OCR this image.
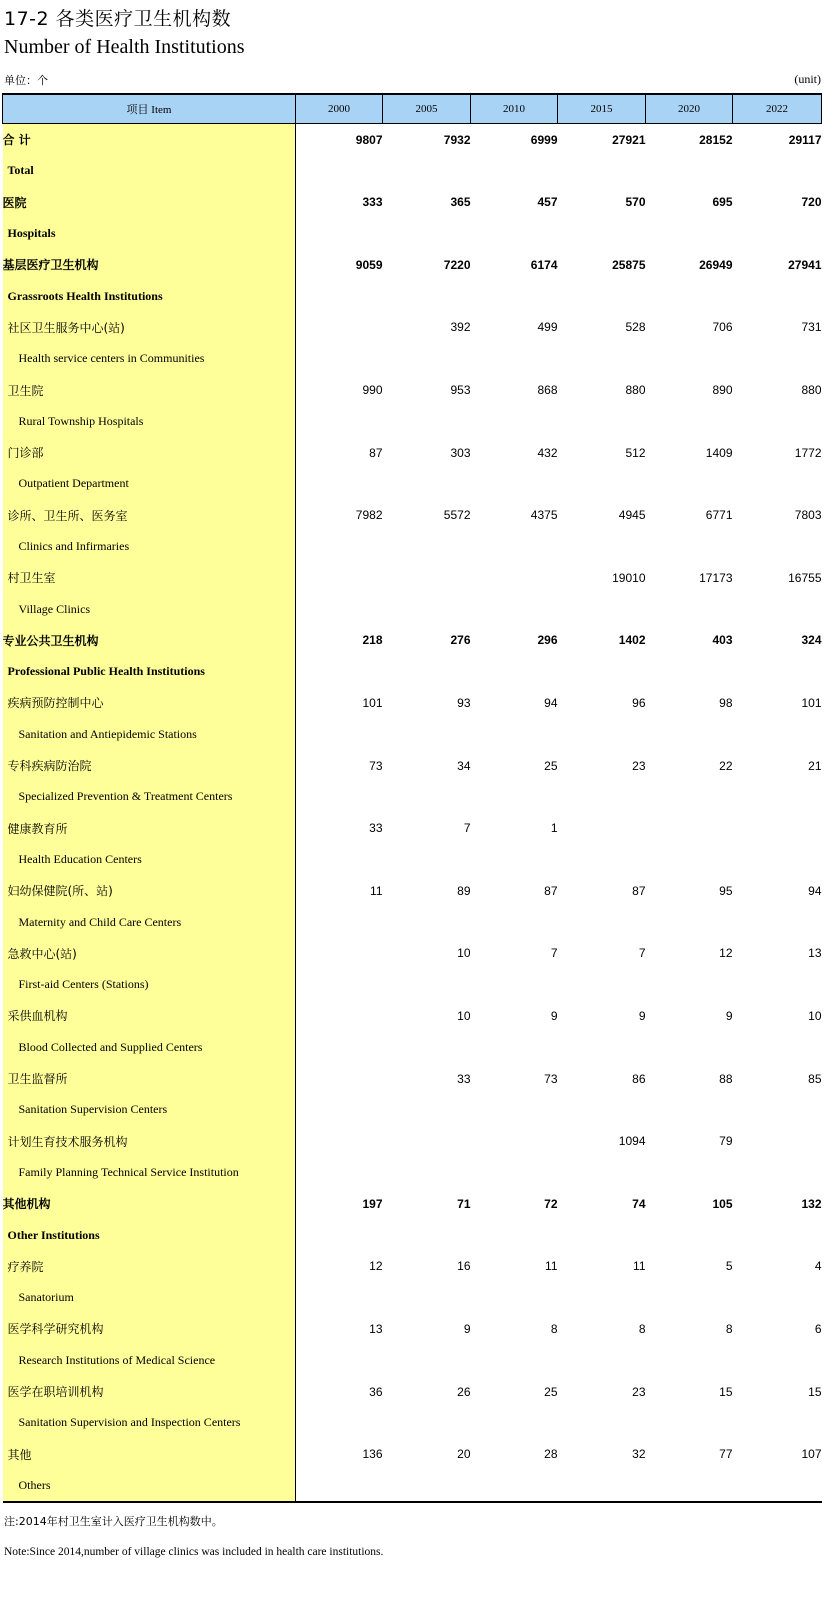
17-2 各类医疗卫生机构数
Number of Health Institutions
单位：个	(unit)
项目 Item	2000	2005	2010	2015	2020	2022
合 计	9807	7932	6999	27921	28152	29117
Total						
医院	333	365	457	570	695	720
Hospitals						
基层医疗卫生机构	9059	7220	6174	25875	26949	27941
Grassroots Health Institutions						
社区卫生服务中心(站)		392	499	528	706	731
Health service centers in Communities						
卫生院	990	953	868	880	890	880
Rural Township Hospitals						
门诊部	87	303	432	512	1409	1772
Outpatient Department						
诊所、卫生所、医务室	7982	5572	4375	4945	6771	7803
Clinics and Infirmaries						
村卫生室				19010	17173	16755
Village Clinics						
专业公共卫生机构	218	276	296	1402	403	324
Professional Public Health Institutions						
疾病预防控制中心	101	93	94	96	98	101
Sanitation and Antiepidemic Stations						
专科疾病防治院	73	34	25	23	22	21
Specialized Prevention & Treatment Centers						
健康教育所	33	7	1			
Health Education Centers						
妇幼保健院(所、站)	11	89	87	87	95	94
Maternity and Child Care Centers						
急救中心(站)		10	7	7	12	13
First-aid Centers (Stations)						
采供血机构		10	9	9	9	10
Blood Collected and Supplied Centers						
卫生监督所		33	73	86	88	85
Sanitation Supervision Centers						
计划生育技术服务机构				1094	79	
Family Planning Technical Service Institution						
其他机构	197	71	72	74	105	132
Other Institutions						
疗养院	12	16	11	11	5	4
Sanatorium						
医学科学研究机构	13	9	8	8	8	6
Research Institutions of Medical Science						
医学在职培训机构	36	26	25	23	15	15
Sanitation Supervision and Inspection Centers						
其他	136	20	28	32	77	107
Others						
注:2014年村卫生室计入医疗卫生机构数中。
Note:Since 2014,number of village clinics was included in health care institutions.
